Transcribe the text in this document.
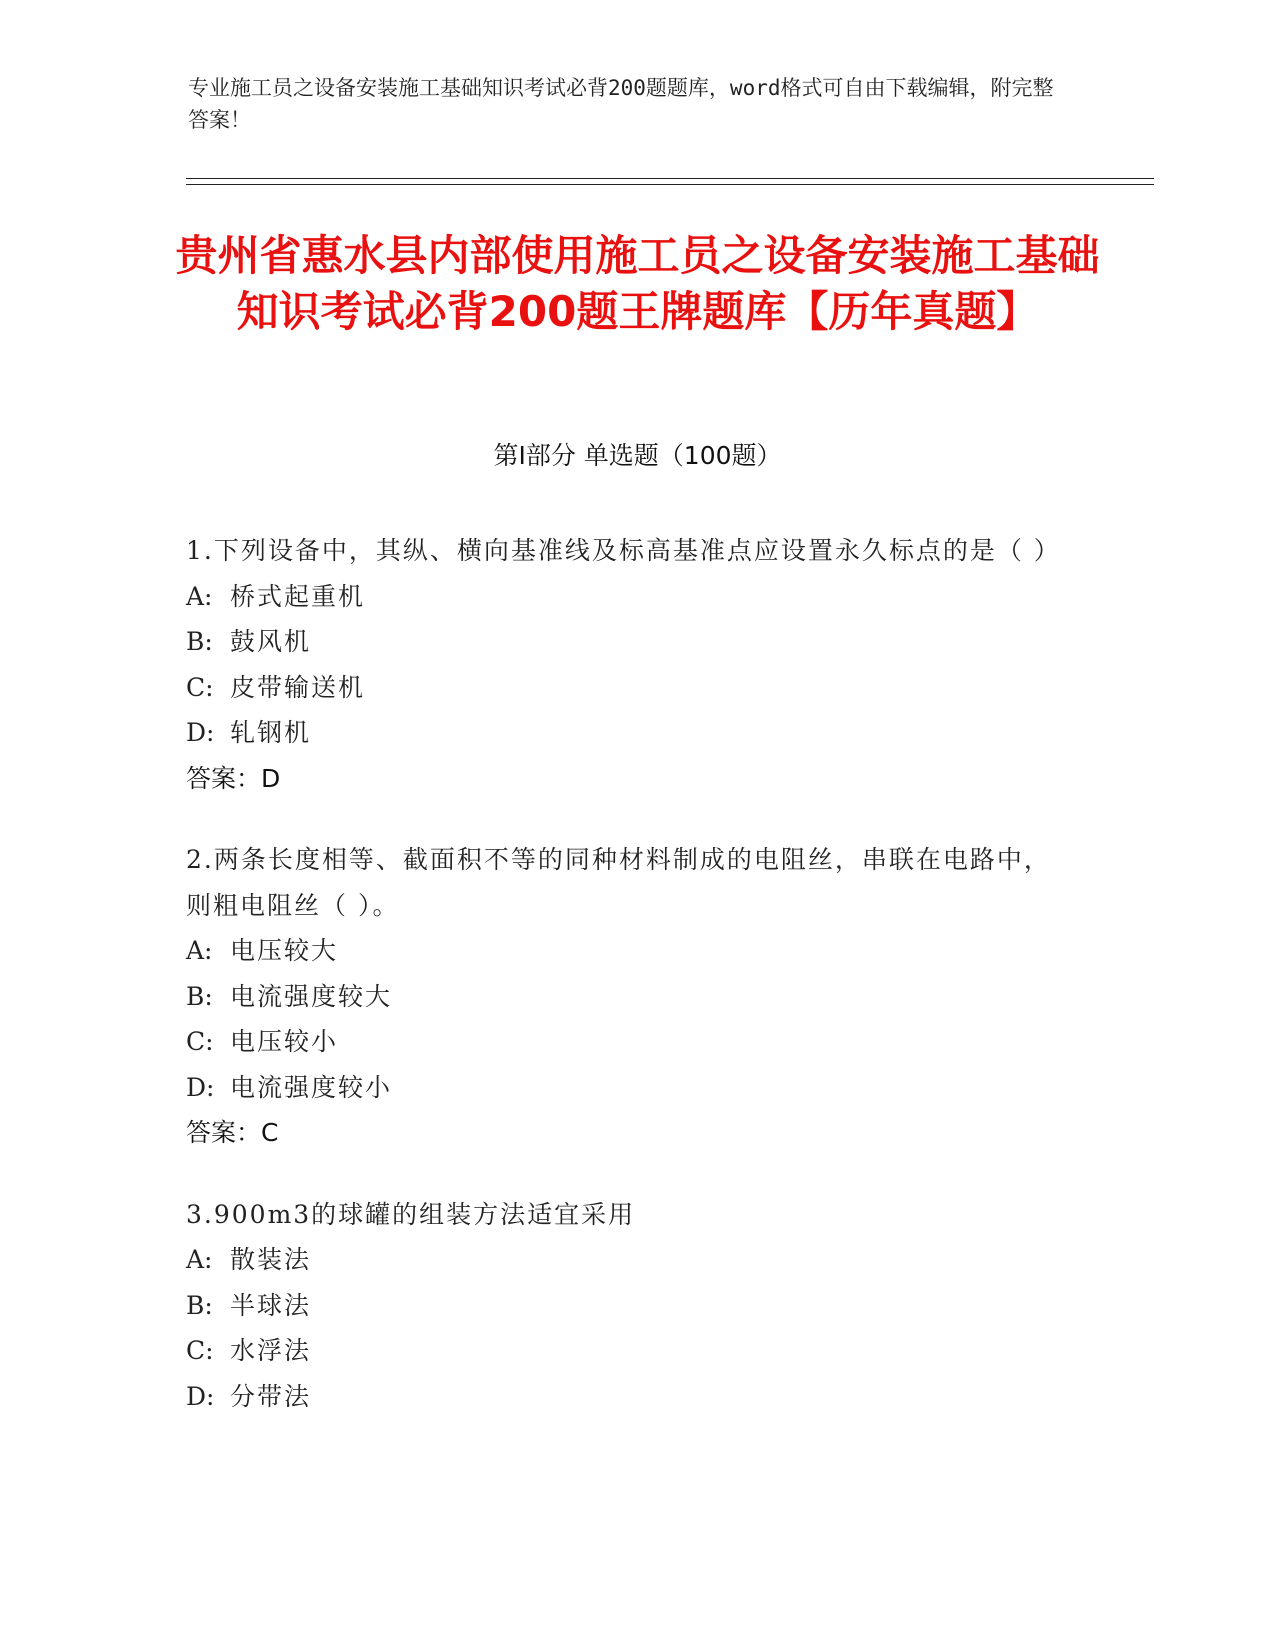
专业施工员之设备安装施工基础知识考试必背200题题库，word格式可自由下载编辑，附完整答案！
贵州省惠水县内部使用施工员之设备安装施工基础知识考试必背200题王牌题库【历年真题】
第Ⅰ部分 单选题（100题）

1.下列设备中，其纵、横向基准线及标高基准点应设置永久标点的是（ ）

A: 桥式起重机

B: 鼓风机

C: 皮带输送机

D: 轧钢机

答案：D

2.两条长度相等、截面积不等的同种材料制成的电阻丝，串联在电路中，则粗电阻丝（ ）。

A: 电压较大

B: 电流强度较大

C: 电压较小

D: 电流强度较小

答案：C

3.900m3的球罐的组装方法适宜采用

A: 散装法

B: 半球法

C: 水浮法

D: 分带法
